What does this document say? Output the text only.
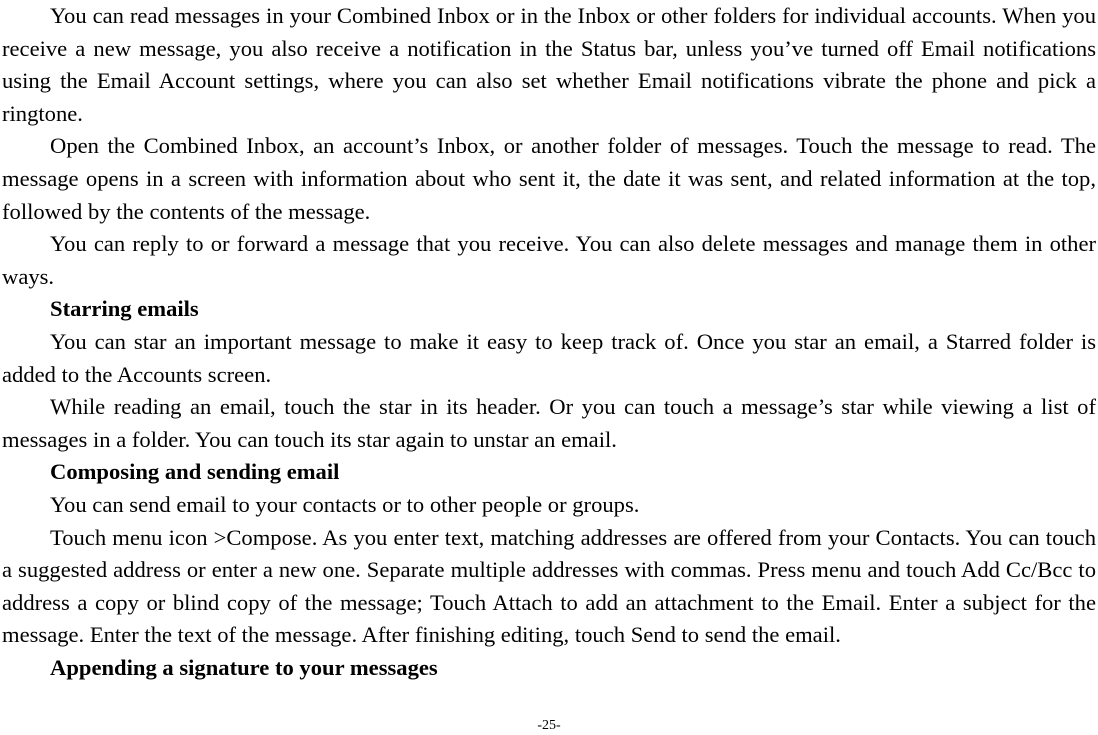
You can read messages in your Combined Inbox or in the Inbox or other folders for individual accounts. When you receive a new message, you also receive a notification in the Status bar, unless you’ve turned off Email notifications using the Email Account settings, where you can also set whether Email notifications vibrate the phone and pick a ringtone.

Open the Combined Inbox, an account’s Inbox, or another folder of messages. Touch the message to read. The message opens in a screen with information about who sent it, the date it was sent, and related information at the top, followed by the contents of the message.

You can reply to or forward a message that you receive. You can also delete messages and manage them in other ways.

Starring emails

You can star an important message to make it easy to keep track of. Once you star an email, a Starred folder is added to the Accounts screen.

While reading an email, touch the star in its header. Or you can touch a message’s star while viewing a list of messages in a folder. You can touch its star again to unstar an email.

Composing and sending email

You can send email to your contacts or to other people or groups.

Touch menu icon >Compose. As you enter text, matching addresses are offered from your Contacts. You can touch a suggested address or enter a new one. Separate multiple addresses with commas. Press menu and touch Add Cc/Bcc to address a copy or blind copy of the message; Touch Attach to add an attachment to the Email. Enter a subject for the message. Enter the text of the message. After finishing editing, touch Send to send the email.

Appending a signature to your messages

-25-
